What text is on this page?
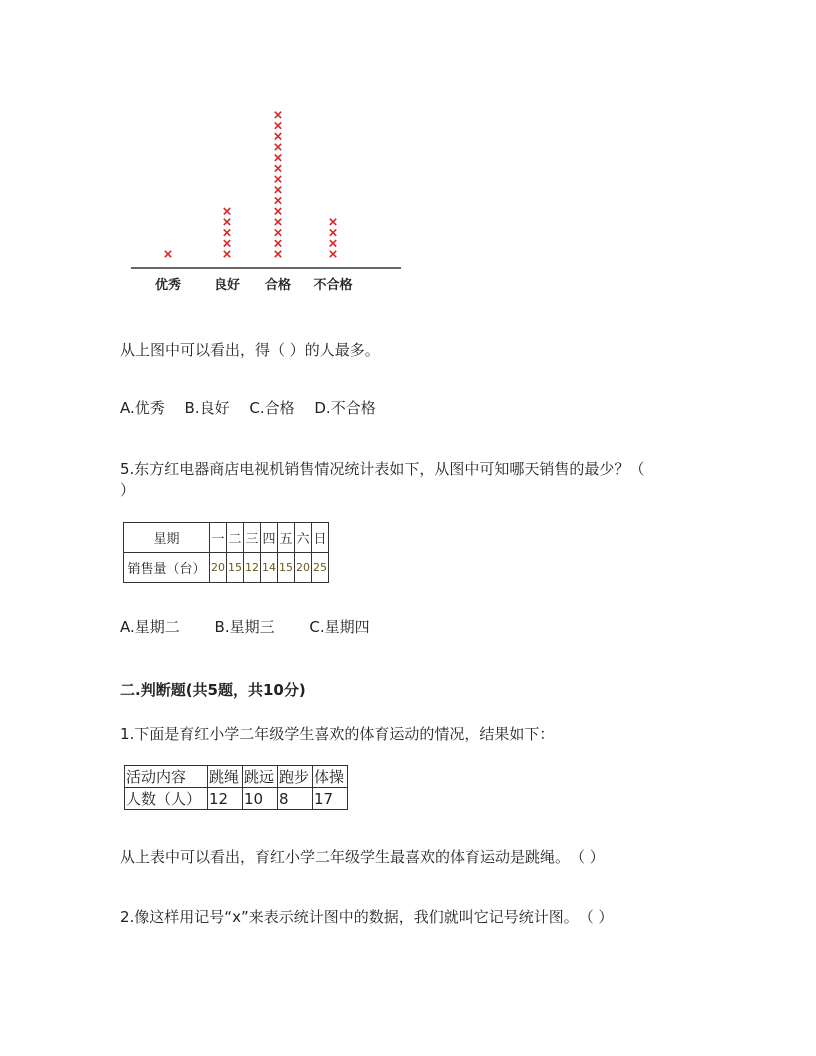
优秀	良好 合格 不合格
从上图中可以看出，得（ ）的人最多。
A.优秀　 B.良好　 C.合格　 D.不合格
5.东方红电器商店电视机销售情况统计表如下，从图中可知哪天销售的最少？（
）
星期	一	二	三	四	五	六	日
销售量（台）	20	15	12	14	15	20	25
A.星期二　　 B.星期三　　 C.星期四
二.判断题(共5题，共10分)
1.下面是育红小学二年级学生喜欢的体育运动的情况，结果如下：
活动内容	跳绳	跳远	跑步	体操
人数（人）	12	10	8	17
从上表中可以看出，育红小学二年级学生最喜欢的体育运动是跳绳。　（ ）
2.像这样用记号“x”来表示统计图中的数据，我们就叫它记号统计图。　（ ）
